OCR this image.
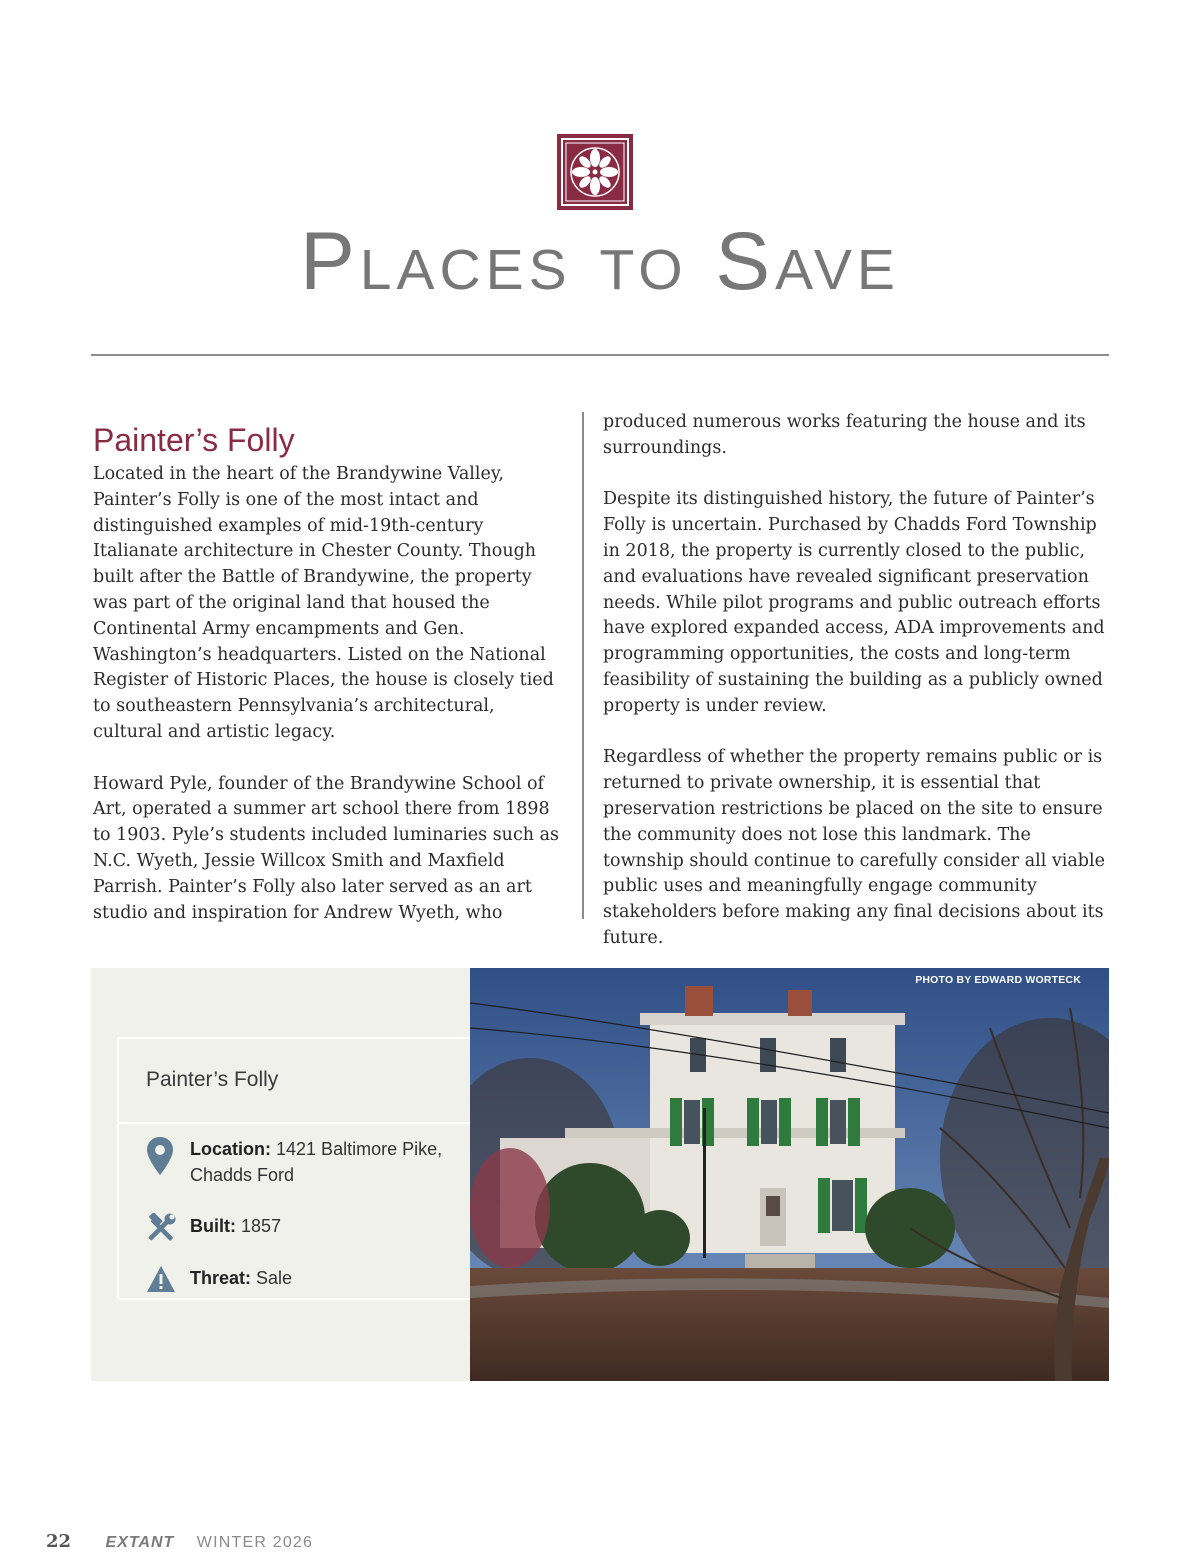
Places to Save
Painter’s Folly

Located in the heart of the Brandywine Valley, Painter’s Folly is one of the most intact and distinguished examples of mid-19th-century Italianate architecture in Chester County. Though built after the Battle of Brandywine, the property was part of the original land that housed the Continental Army encampments and Gen. Washington’s headquarters. Listed on the National Register of Historic Places, the house is closely tied to southeastern Pennsylvania’s architectural, cultural and artistic legacy.

Howard Pyle, founder of the Brandywine School of Art, operated a summer art school there from 1898 to 1903. Pyle’s students included luminaries such as N.C. Wyeth, Jessie Willcox Smith and Maxfield Parrish. Painter’s Folly also later served as an art studio and inspiration for Andrew Wyeth, who

produced numerous works featuring the house and its surroundings.

Despite its distinguished history, the future of Painter’s Folly is uncertain. Purchased by Chadds Ford Township in 2018, the property is currently closed to the public, and evaluations have revealed significant preservation needs. While pilot programs and public outreach efforts have explored expanded access, ADA improvements and programming opportunities, the costs and long-term feasibility of sustaining the building as a publicly owned property is under review.

Regardless of whether the property remains public or is returned to private ownership, it is essential that preservation restrictions be placed on the site to ensure the community does not lose this landmark. The township should continue to carefully consider all viable public uses and meaningfully engage community stakeholders before making any final decisions about its future.

Painter’s Folly
Location: 1421 Baltimore Pike, Chadds Ford
Built: 1857
Threat: Sale
PHOTO BY EDWARD WORTECK
22 EXTANT WINTER 2026
